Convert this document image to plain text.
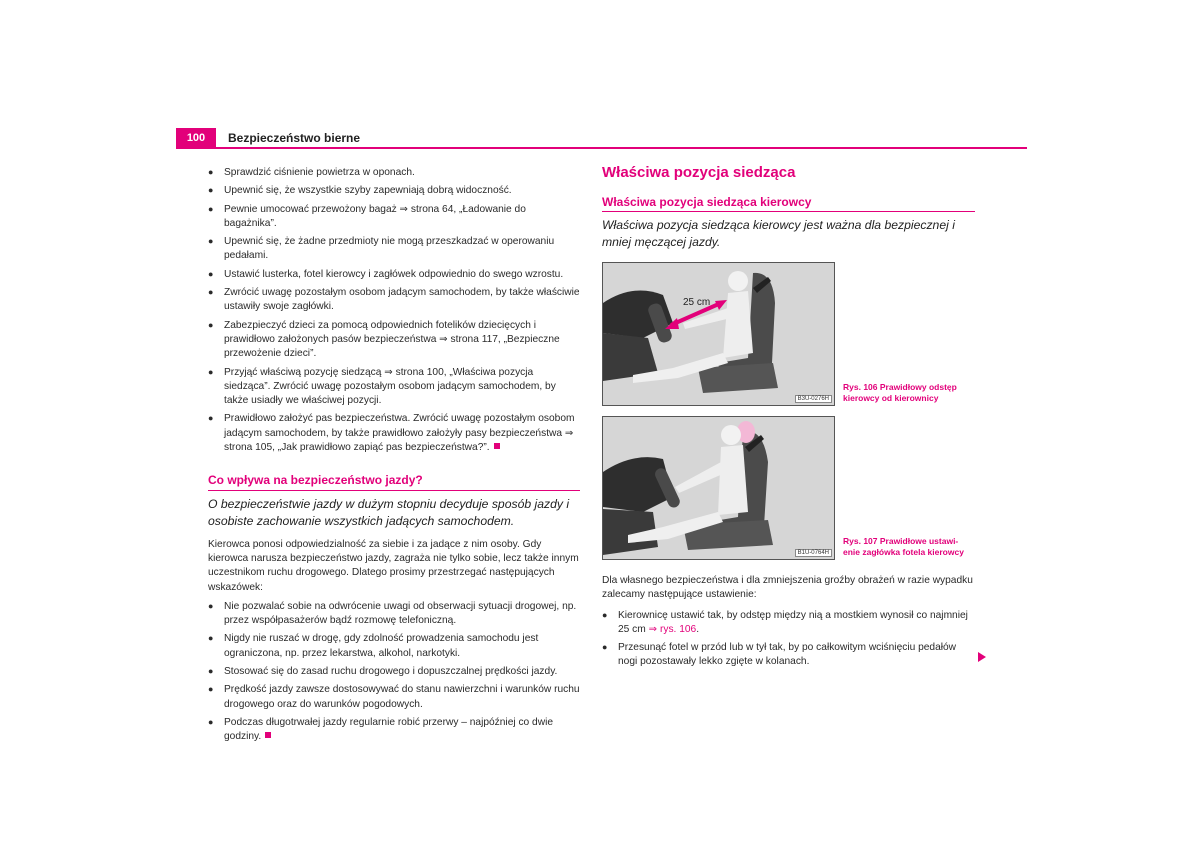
100	Bezpieczeństwo bierne
● Sprawdzić ciśnienie powietrza w oponach.
● Upewnić się, że wszystkie szyby zapewniają dobrą widoczność.
● Pewnie umocować przewożony bagaż ⇒ strona 64, „Ładowanie do bagażnika”.
● Upewnić się, że żadne przedmioty nie mogą przeszkadzać w operowaniu pedałami.
● Ustawić lusterka, fotel kierowcy i zagłówek odpowiednio do swego wzrostu.
● Zwrócić uwagę pozostałym osobom jadącym samochodem, by także właściwie ustawiły swoje zagłówki.
● Zabezpieczyć dzieci za pomocą odpowiednich fotelików dziecięcych i prawidłowo założonych pasów bezpieczeństwa ⇒ strona 117, „Bezpieczne przewożenie dzieci”.
● Przyjąć właściwą pozycję siedzącą ⇒ strona 100, „Właściwa pozycja siedząca”. Zwrócić uwagę pozostałym osobom jadącym samochodem, by także usiadły we właściwej pozycji.
● Prawidłowo założyć pas bezpieczeństwa. Zwrócić uwagę pozostałym osobom jadącym samochodem, by także prawidłowo założyły pasy bezpieczeństwa ⇒ strona 105, „Jak prawidłowo zapiąć pas bezpieczeństwa?”.
Co wpływa na bezpieczeństwo jazdy?
O bezpieczeństwie jazdy w dużym stopniu decyduje sposób jazdy i osobiste zachowanie wszystkich jadących samochodem.
Kierowca ponosi odpowiedzialność za siebie i za jadące z nim osoby. Gdy kierowca narusza bezpieczeństwo jazdy, zagraża nie tylko sobie, lecz także innym uczestnikom ruchu drogowego. Dlatego prosimy przestrzegać następujących wskazówek:
● Nie pozwalać sobie na odwrócenie uwagi od obserwacji sytuacji drogowej, np. przez współpasażerów bądź rozmowę telefoniczną.
● Nigdy nie ruszać w drogę, gdy zdolność prowadzenia samochodu jest ograniczona, np. przez lekarstwa, alkohol, narkotyki.
● Stosować się do zasad ruchu drogowego i dopuszczalnej prędkości jazdy.
● Prędkość jazdy zawsze dostosowywać do stanu nawierzchni i warunków ruchu drogowego oraz do warunków pogodowych.
● Podczas długotrwałej jazdy regularnie robić przerwy – najpóźniej co dwie godziny.
Właściwa pozycja siedząca
Właściwa pozycja siedząca kierowcy
Właściwa pozycja siedząca kierowcy jest ważna dla bezpiecznej i mniej męczącej jazdy.
25 cm
B3U-0276H
Rys. 106 Prawidłowy odstęp
kierowcy od kierownicy
B1U-0764H
Rys. 107 Prawidłowe ustawi-
enie zagłówka fotela kierowcy
Dla własnego bezpieczeństwa i dla zmniejszenia groźby obrażeń w razie wypadku zalecamy następujące ustawienie:
● Kierownicę ustawić tak, by odstęp między nią a mostkiem wynosił co najmniej 25 cm ⇒ rys. 106.
● Przesunąć fotel w przód lub w tył tak, by po całkowitym wciśnięciu pedałów nogi pozostawały lekko zgięte w kolanach.
